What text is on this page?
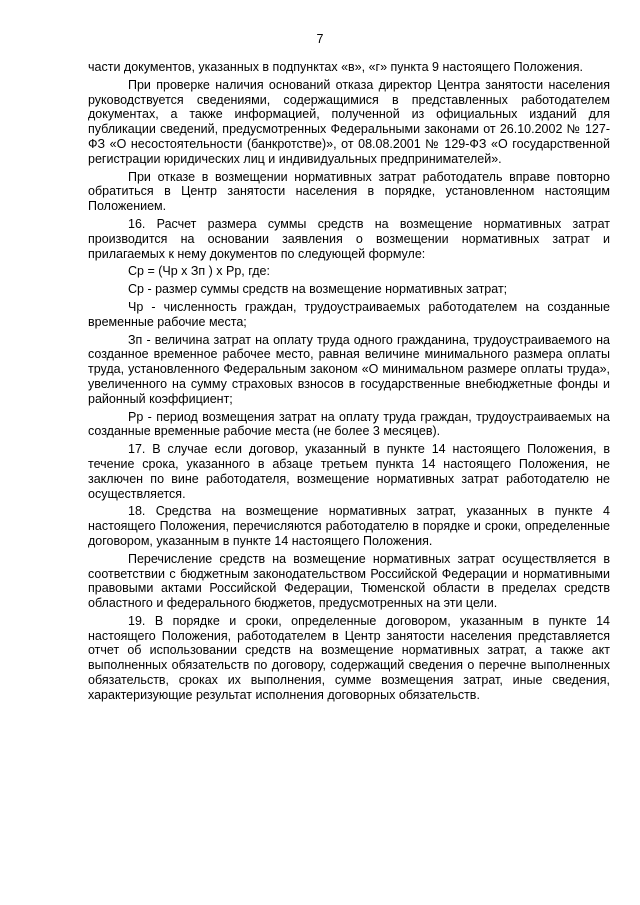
7

части документов, указанных в подпунктах «в», «г» пункта 9 настоящего Положения.

При проверке наличия оснований отказа директор Центра занятости населения руководствуется сведениями, содержащимися в представленных работодателем документах, а также информацией, полученной из официальных изданий для публикации сведений, предусмотренных Федеральными законами от 26.10.2002 № 127-ФЗ «О несостоятельности (банкротстве)», от 08.08.2001 № 129-ФЗ «О государственной регистрации юридических лиц и индивидуальных предпринимателей».

При отказе в возмещении нормативных затрат работодатель вправе повторно обратиться в Центр занятости населения в порядке, установленном настоящим Положением.

16. Расчет размера суммы средств на возмещение нормативных затрат производится на основании заявления о возмещении нормативных затрат и прилагаемых к нему документов по следующей формуле:

Ср = (Чр х Зп ) х Рр, где:

Ср - размер суммы средств на возмещение нормативных затрат;

Чр - численность граждан, трудоустраиваемых работодателем на созданные временные рабочие места;

Зп - величина затрат на оплату труда одного гражданина, трудоустраиваемого на созданное временное рабочее место, равная величине минимального размера оплаты труда, установленного Федеральным законом «О минимальном размере оплаты труда», увеличенного на сумму страховых взносов в государственные внебюджетные фонды и районный коэффициент;

Рр - период возмещения затрат на оплату труда граждан, трудоустраиваемых на созданные временные рабочие места (не более 3 месяцев).

17. В случае если договор, указанный в пункте 14 настоящего Положения, в течение срока, указанного в абзаце третьем пункта 14 настоящего Положения, не заключен по вине работодателя, возмещение нормативных затрат работодателю не осуществляется.

18. Средства на возмещение нормативных затрат, указанных в пункте 4 настоящего Положения, перечисляются работодателю в порядке и сроки, определенные договором, указанным в пункте 14 настоящего Положения.

Перечисление средств на возмещение нормативных затрат осуществляется в соответствии с бюджетным законодательством Российской Федерации и нормативными правовыми актами Российской Федерации, Тюменской области в пределах средств областного и федерального бюджетов, предусмотренных на эти цели.

19. В порядке и сроки, определенные договором, указанным в пункте 14 настоящего Положения, работодателем в Центр занятости населения представляется отчет об использовании средств на возмещение нормативных затрат, а также акт выполненных обязательств по договору, содержащий сведения о перечне выполненных обязательств, сроках их выполнения, сумме возмещения затрат, иные сведения, характеризующие результат исполнения договорных обязательств.
